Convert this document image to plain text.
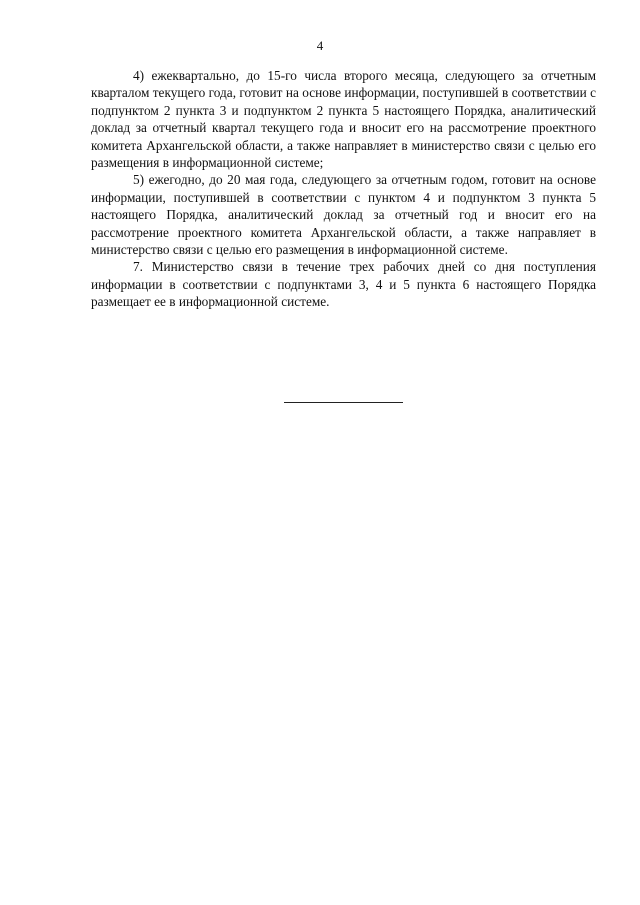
4

4) ежеквартально, до 15-го числа второго месяца, следующего за отчетным кварталом текущего года, готовит на основе информации, поступившей в соответствии с подпунктом 2 пункта 3 и подпунктом 2 пункта 5 настоящего Порядка, аналитический доклад за отчетный квартал текущего года и вносит его на рассмотрение проектного комитета Архангельской области, а также направляет в министерство связи с целью его размещения в информационной системе;

5) ежегодно, до 20 мая года, следующего за отчетным годом, готовит на основе информации, поступившей в соответствии с пунктом 4 и подпунктом 3 пункта 5 настоящего Порядка, аналитический доклад за отчетный год и вносит его на рассмотрение проектного комитета Архангельской области, а также направляет в министерство связи с целью его размещения в информационной системе.

7. Министерство связи в течение трех рабочих дней со дня поступления информации в соответствии с подпунктами 3, 4 и 5 пункта 6 настоящего Порядка размещает ее в информационной системе.
